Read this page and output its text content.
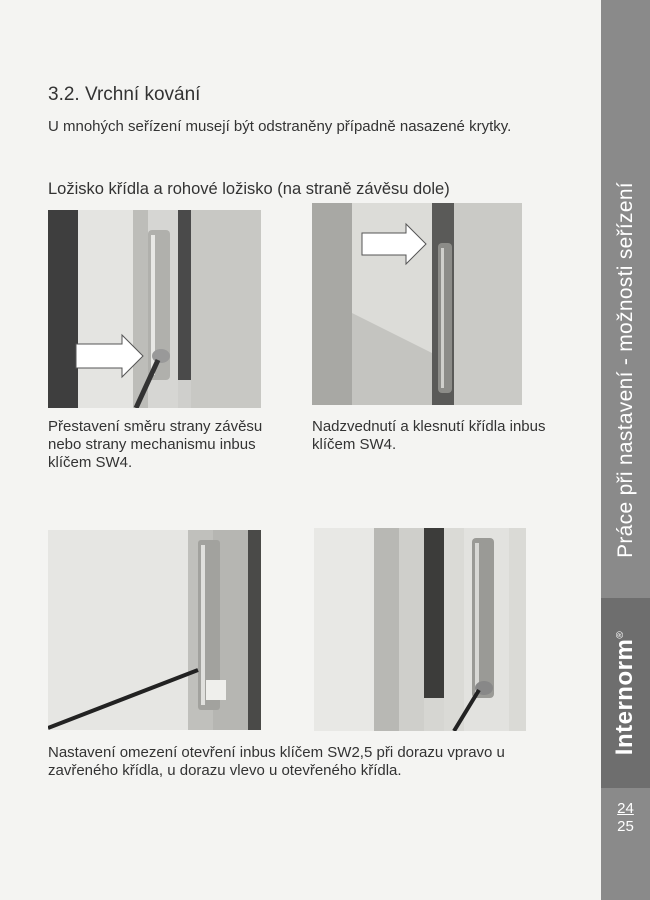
3.2. Vrchní kování
U mnohých seřízení musejí být odstraněny případně nasazené krytky.
Ložisko křídla a rohové ložisko (na straně závěsu dole)
Přestavení směru strany závěsu nebo strany mechanismu inbus klíčem SW4.
Nadzvednutí a klesnutí křídla inbus klíčem SW4.
Nastavení omezení otevření inbus klíčem SW2,5 při dorazu vpravo u zavřeného křídla, u dorazu vlevo u otevřeného křídla.
Práce při nastavení - možnosti seřízení
Internorm®
24
25
